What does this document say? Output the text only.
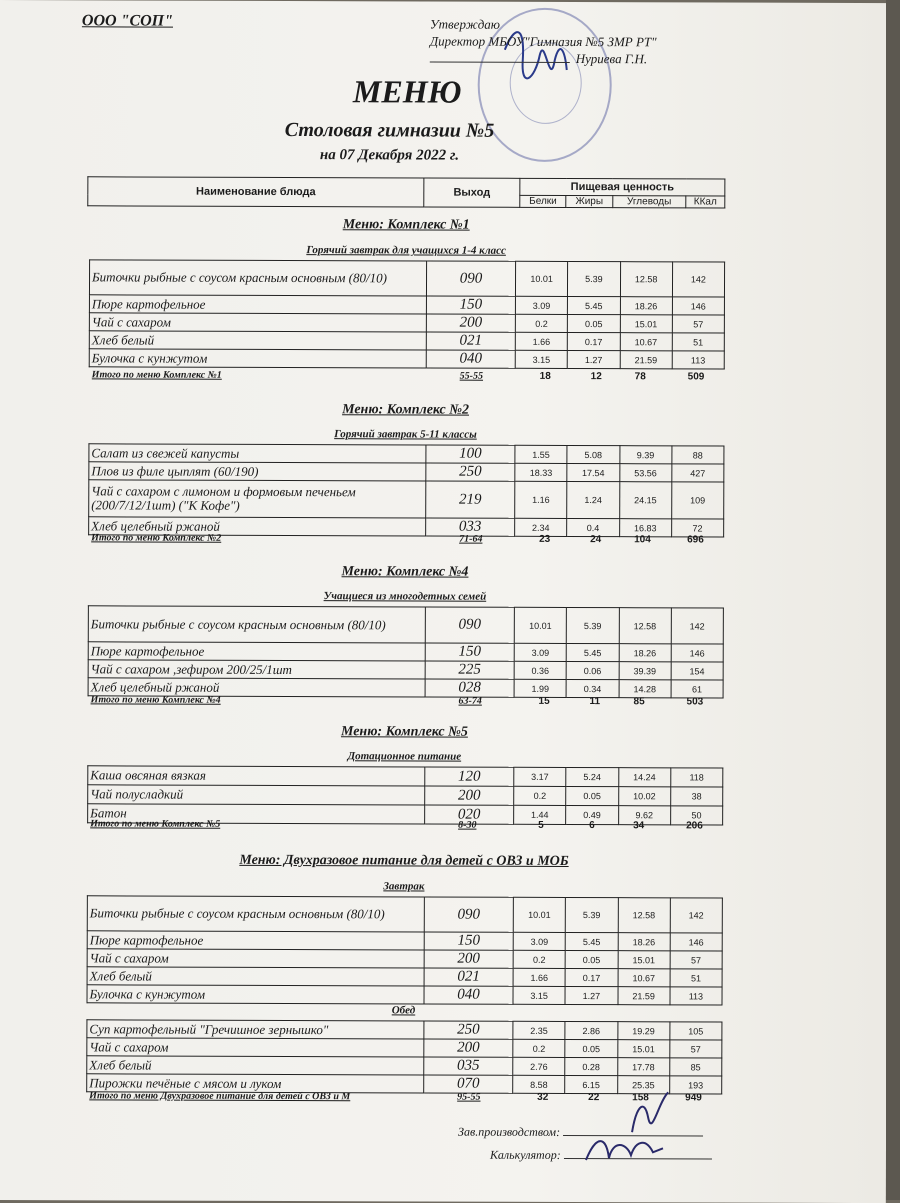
ООО "СОП"	Утверждаю
Директор МБОУ"Гимназия №5 ЗМР РТ"
Нуриева Г.Н.
МЕНЮ
Столовая гимназии №5
на 07 Декабря 2022 г.
Наименование блюда	Выход	Пищевая ценность			
		Белки	Жиры	Углеводы	ККал
Меню: Комплекс №1
Горячий завтрак для учащихся 1-4 класс
Биточки рыбные с соусом красным основным (80/10)	090	10.01	5.39	12.58	142
Пюре картофельное	150	3.09	5.45	18.26	146
Чай с сахаром	200	0.2	0.05	15.01	57
Хлеб белый	021	1.66	0.17	10.67	51
Булочка с кунжутом	040	3.15	1.27	21.59	113
Итого по меню Комплекс №1	55-55	18	12	78	509
Меню: Комплекс №2
Горячий завтрак 5-11 классы
Салат из свежей капусты	100	1.55	5.08	9.39	88
Плов из филе цыплят (60/190)	250	18.33	17.54	53.56	427
Чай с сахаром с лимоном и формовым печеньем (200/7/12/1шт) ("К Кофе")	219	1.16	1.24	24.15	109
Хлеб целебный ржаной	033	2.34	0.4	16.83	72
Итого по меню Комплекс №2	71-64	23	24	104	696
Меню: Комплекс №4
Учащиеся из многодетных семей
Биточки рыбные с соусом красным основным (80/10)	090	10.01	5.39	12.58	142
Пюре картофельное	150	3.09	5.45	18.26	146
Чай с сахаром ,зефиром 200/25/1шт	225	0.36	0.06	39.39	154
Хлеб целебный ржаной	028	1.99	0.34	14.28	61
Итого по меню Комплекс №4	63-74	15	11	85	503
Меню: Комплекс №5
Дотационное питание
Каша овсяная вязкая	120	3.17	5.24	14.24	118
Чай полусладкий	200	0.2	0.05	10.02	38
Батон	020	1.44	0.49	9.62	50
Итого по меню Комплекс №5	8-30	5	6	34	206
Меню: Двухразовое питание для детей с ОВЗ и МОБ
Завтрак
Биточки рыбные с соусом красным основным (80/10)	090	10.01	5.39	12.58	142
Пюре картофельное	150	3.09	5.45	18.26	146
Чай с сахаром	200	0.2	0.05	15.01	57
Хлеб белый	021	1.66	0.17	10.67	51
Булочка с кунжутом	040	3.15	1.27	21.59	113
Обед
Суп картофельный "Гречишное зернышко"	250	2.35	2.86	19.29	105
Чай с сахаром	200	0.2	0.05	15.01	57
Хлеб белый	035	2.76	0.28	17.78	85
Пирожки печёные с мясом и луком	070	8.58	6.15	25.35	193
Итого по меню Двухразовое питание для детей с ОВЗ и М	95-55	32	22	158	949
Зав.производством:
Калькулятор:
